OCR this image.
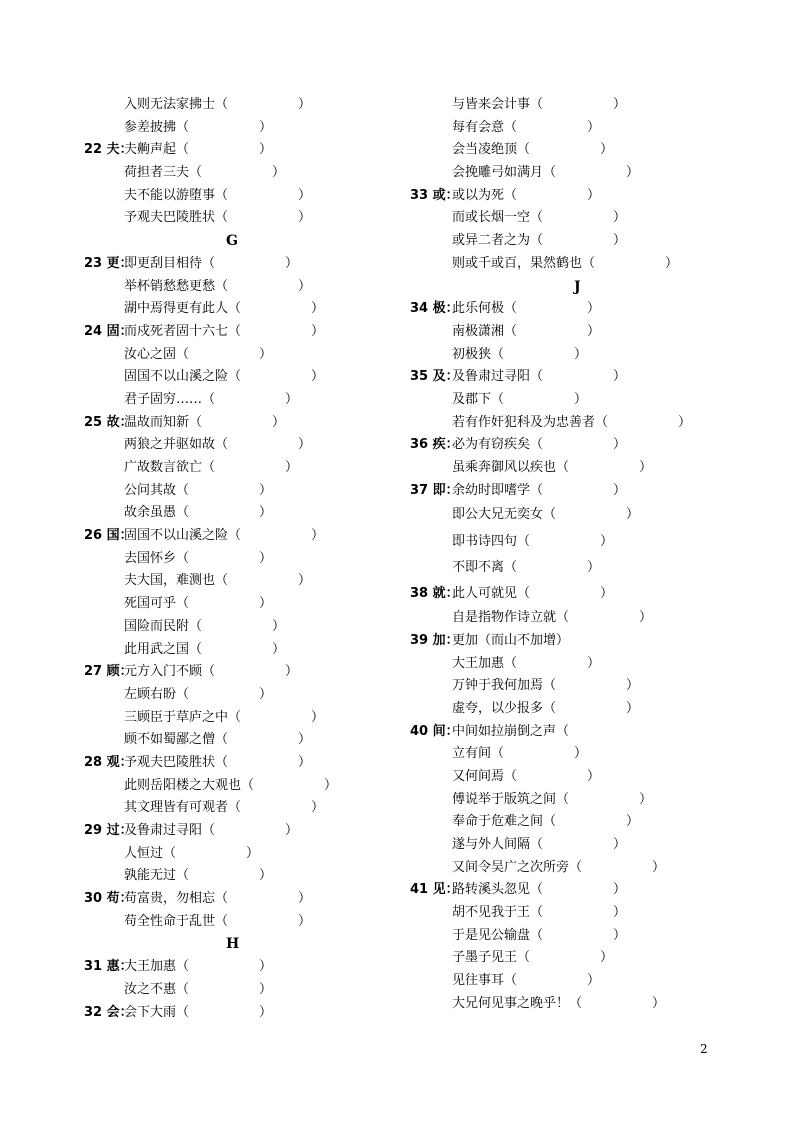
入则无法家拂士（	）
参差披拂（	）
22 夫：
夫齁声起（	）
荷担者三夫（	）
夫不能以游堕事（	）
予观夫巴陵胜状（	）
G
23 更：
即更刮目相待（	）
举杯销愁愁更愁（	）
湖中焉得更有此人（	）
24 固：
而戍死者固十六七（	）
汝心之固（	）
固国不以山溪之险（	）
君子固穷……（	）
25 故：
温故而知新（	）
两狼之并驱如故（	）
广故数言欲亡（	）
公问其故（	）
故余虽愚（	）
26 国：
固国不以山溪之险（	）
去国怀乡（	）
夫大国，难测也（	）
死国可乎（	）
国险而民附（	）
此用武之国（	）
27 顾：
元方入门不顾（	）
左顾右盼（	）
三顾臣于草庐之中（	）
顾不如蜀鄙之僧（	）
28 观：
予观夫巴陵胜状（	）
此则岳阳楼之大观也（	）
其文理皆有可观者（	）
29 过：
及鲁肃过寻阳（	）
人恒过（	）
孰能无过（	）
30 苟：
苟富贵，勿相忘（	）
苟全性命于乱世（	）
H
31 惠：
大王加惠（	）
汝之不惠（	）
32 会：
会下大雨（	）
与皆来会计事（	）
每有会意（	）
会当凌绝顶（	）
会挽雕弓如满月（	）
33 或：
或以为死（	）
而或长烟一空（	）
或异二者之为（	）
则或千或百，果然鹤也（	）
J
34 极：
此乐何极（	）
南极潇湘（	）
初极狭（	）
35 及：
及鲁肃过寻阳（	）
及郡下（	）
若有作奸犯科及为忠善者（	）
36 疾：
必为有窃疾矣（	）
虽乘奔御风以疾也（	）
37 即：
余幼时即嗜学（	）
即公大兄无奕女（	）
即书诗四句（	）
不即不离（	）
38 就：
此人可就见（	）
自是指物作诗立就（	）
39 加：
更加（而山不加增）
大王加惠（	）
万钟于我何加焉（	）
虚夸，以少报多（	）
40 间：
中间如拉崩倒之声（
立有间（	）
又何间焉（	）
傅说举于版筑之间（	）
奉命于危难之间（	）
遂与外人间隔（	）
又间令吴广之次所旁（	）
41 见：
路转溪头忽见（	）
胡不见我于王（	）
于是见公输盘（	）
子墨子见王（	）
见往事耳（	）
大兄何见事之晚乎！（	）
2
